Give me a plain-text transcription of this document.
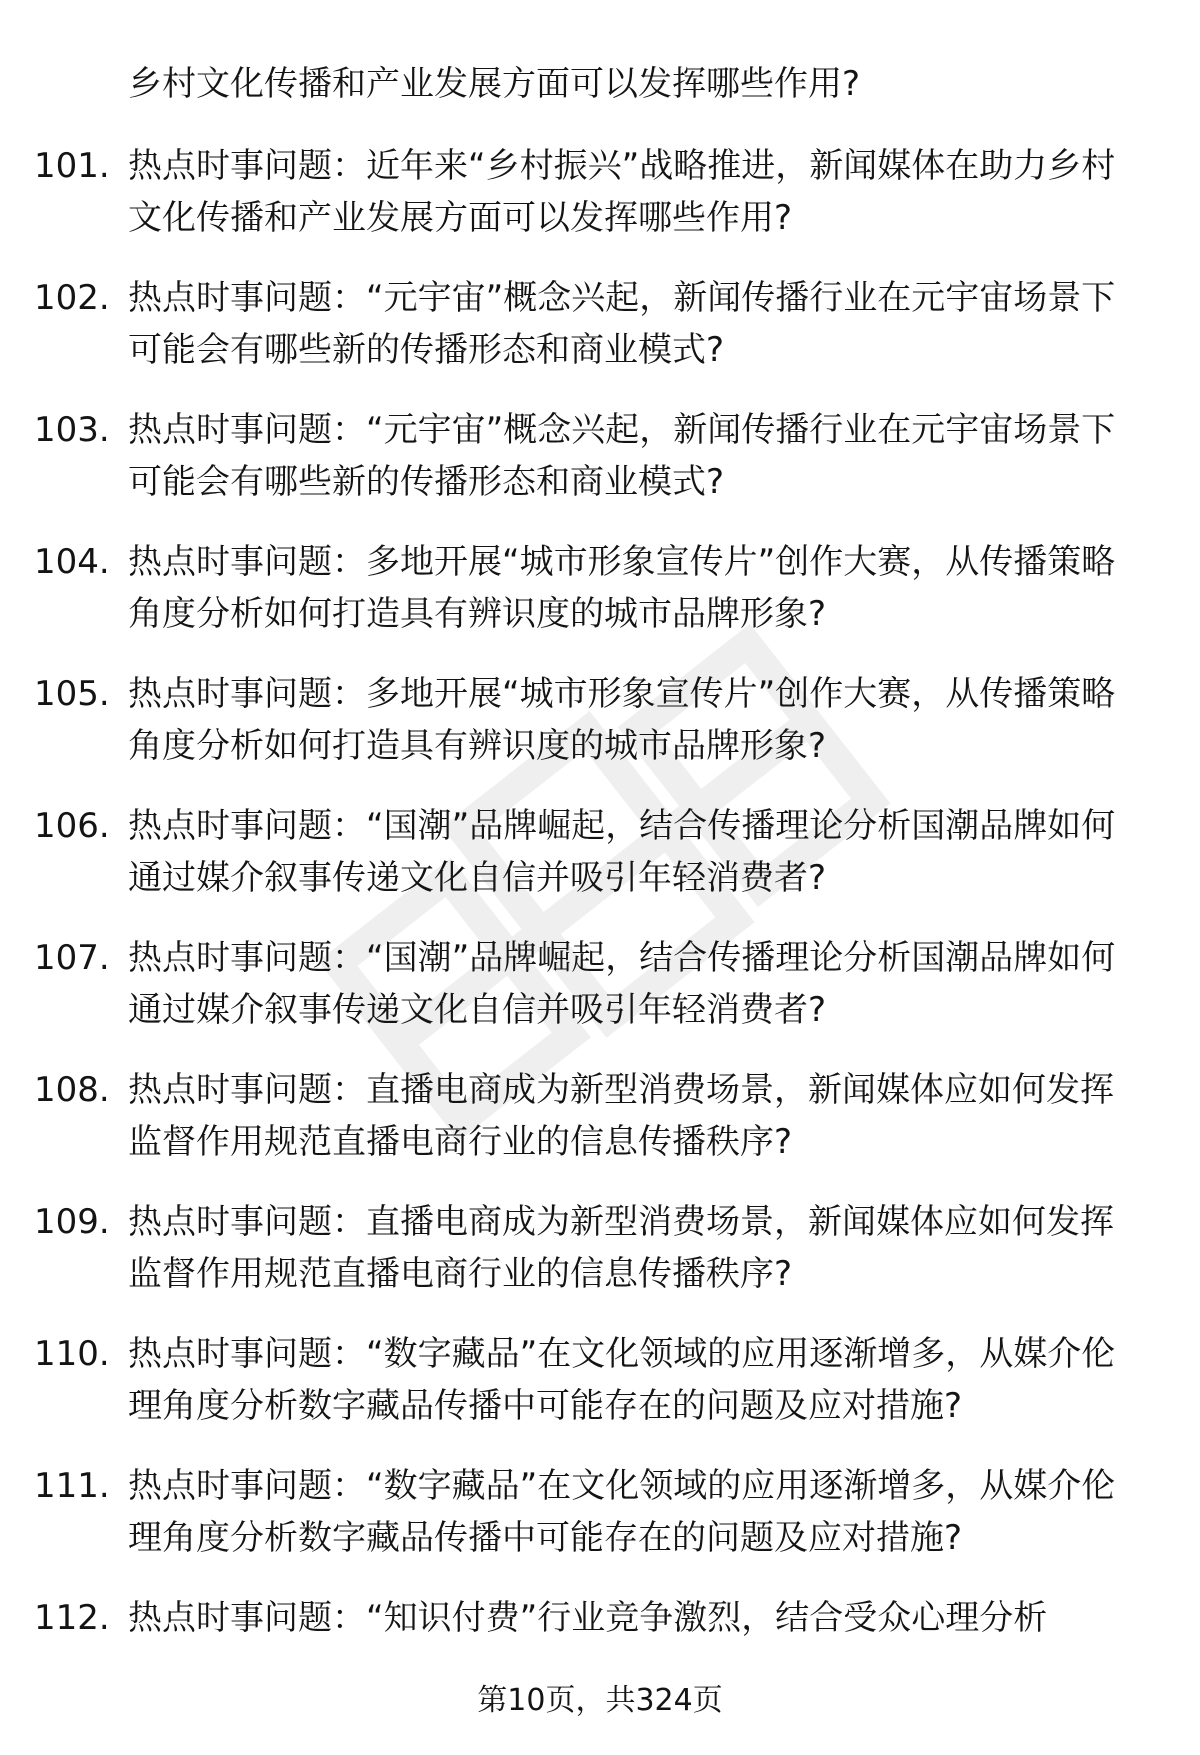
乡村文化传播和产业发展方面可以发挥哪些作用?
101. 热点时事问题：近年来“乡村振兴”战略推进，新闻媒体在助力乡村文化传播和产业发展方面可以发挥哪些作用?
102. 热点时事问题：“元宇宙”概念兴起，新闻传播行业在元宇宙场景下可能会有哪些新的传播形态和商业模式?
103. 热点时事问题：“元宇宙”概念兴起，新闻传播行业在元宇宙场景下可能会有哪些新的传播形态和商业模式?
104. 热点时事问题：多地开展“城市形象宣传片”创作大赛，从传播策略角度分析如何打造具有辨识度的城市品牌形象?
105. 热点时事问题：多地开展“城市形象宣传片”创作大赛，从传播策略角度分析如何打造具有辨识度的城市品牌形象?
106. 热点时事问题：“国潮”品牌崛起，结合传播理论分析国潮品牌如何通过媒介叙事传递文化自信并吸引年轻消费者?
107. 热点时事问题：“国潮”品牌崛起，结合传播理论分析国潮品牌如何通过媒介叙事传递文化自信并吸引年轻消费者?
108. 热点时事问题：直播电商成为新型消费场景，新闻媒体应如何发挥监督作用规范直播电商行业的信息传播秩序?
109. 热点时事问题：直播电商成为新型消费场景，新闻媒体应如何发挥监督作用规范直播电商行业的信息传播秩序?
110. 热点时事问题：“数字藏品”在文化领域的应用逐渐增多，从媒介伦理角度分析数字藏品传播中可能存在的问题及应对措施?
111. 热点时事问题：“数字藏品”在文化领域的应用逐渐增多，从媒介伦理角度分析数字藏品传播中可能存在的问题及应对措施?
112. 热点时事问题：“知识付费”行业竞争激烈，结合受众心理分析
第10页，共324页
